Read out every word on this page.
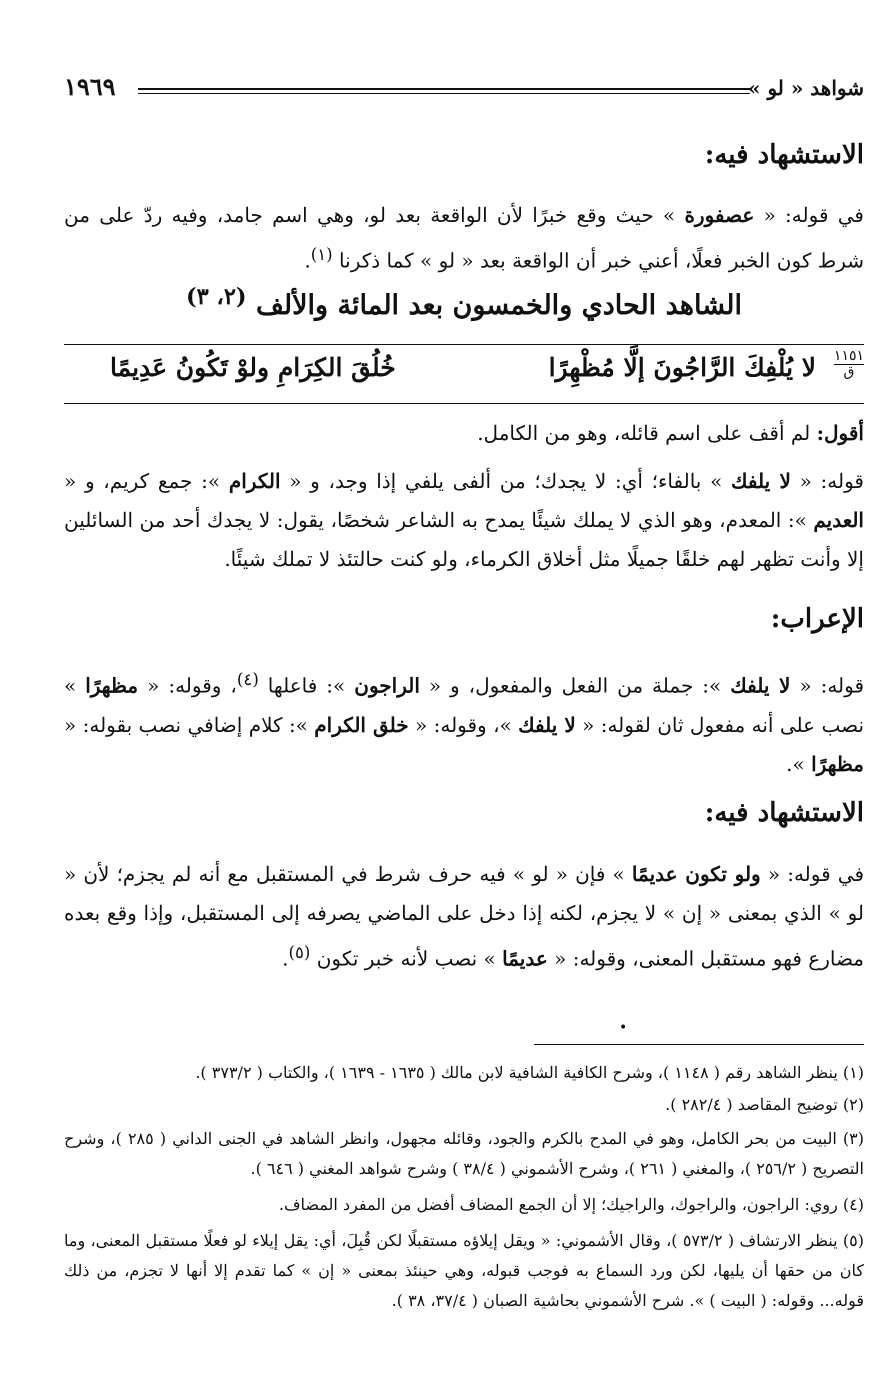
شواهد « لو »
١٩٦٩
الاستشهاد فيه:
في قوله: « عصفورة » حيث وقع خبرًا لأن الواقعة بعد لو، وهي اسم جامد، وفيه ردّ على من شرط كون الخبر فعلًا، أعني خبر أن الواقعة بعد « لو » كما ذكرنا $^{(١)}$.
الشاهد الحادي والخمسون بعد المائة والألف $^{(٢، ٣)}$
١١٥١
ق
لا يُلْفِكَ الرَّاجُونَ إلَّا مُظْهِرًا
خُلُقَ الكِرَامِ ولوْ تَكُونُ عَدِيمًا
أقول: لم أقف على اسم قائله، وهو من الكامل.
قوله: « لا يلفك » بالفاء؛ أي: لا يجدك؛ من ألفى يلفي إذا وجد، و « الكرام »: جمع كريم، و « العديم »: المعدم، وهو الذي لا يملك شيئًا يمدح به الشاعر شخصًا، يقول: لا يجدك أحد من السائلين إلا وأنت تظهر لهم خلقًا جميلًا مثل أخلاق الكرماء، ولو كنت حالتئذ لا تملك شيئًا.
الإعراب:
قوله: « لا يلفك »: جملة من الفعل والمفعول، و « الراجون »: فاعلها $^{(٤)}$، وقوله: « مظهرًا » نصب على أنه مفعول ثان لقوله: « لا يلفك »، وقوله: « خلق الكرام »: كلام إضافي نصب بقوله: « مظهرًا ».
الاستشهاد فيه:
في قوله: « ولو تكون عديمًا » فإن « لو » فيه حرف شرط في المستقبل مع أنه لم يجزم؛ لأن « لو » الذي بمعنى « إن » لا يجزم، لكنه إذا دخل على الماضي يصرفه إلى المستقبل، وإذا وقع بعده مضارع فهو مستقبل المعنى، وقوله: « عديمًا » نصب لأنه خبر تكون $^{(٥)}$.
•
(١) ينظر الشاهد رقم ( ١١٤٨ )، وشرح الكافية الشافية لابن مالك ( ١٦٣٥ - ١٦٣٩ )، والكتاب ( ٣٧٣/٢ ).
(٢) توضيح المقاصد ( ٢٨٢/٤ ).
(٣) البيت من بحر الكامل، وهو في المدح بالكرم والجود، وقائله مجهول، وانظر الشاهد في الجنى الداني ( ٢٨٥ )، وشرح التصريح ( ٢٥٦/٢ )، والمغني ( ٢٦١ )، وشرح الأشموني ( ٣٨/٤ ) وشرح شواهد المغني ( ٦٤٦ ).
(٤) روي: الراجون، والراجوك، والراجيك؛ إلا أن الجمع المضاف أفضل من المفرد المضاف.
(٥) ينظر الارتشاف ( ٥٧٣/٢ )، وقال الأشموني: « ويقل إيلاؤه مستقبلًا لكن قُبِلَ، أي: يقل إيلاء لو فعلًا مستقبل المعنى، وما كان من حقها أن يليها، لكن ورد السماع به فوجب قبوله، وهي حينئذ بمعنى « إن » كما تقدم إلا أنها لا تجزم، من ذلك قوله... وقوله: ( البيت ) ». شرح الأشموني بحاشية الصبان ( ٣٧/٤، ٣٨ ).
